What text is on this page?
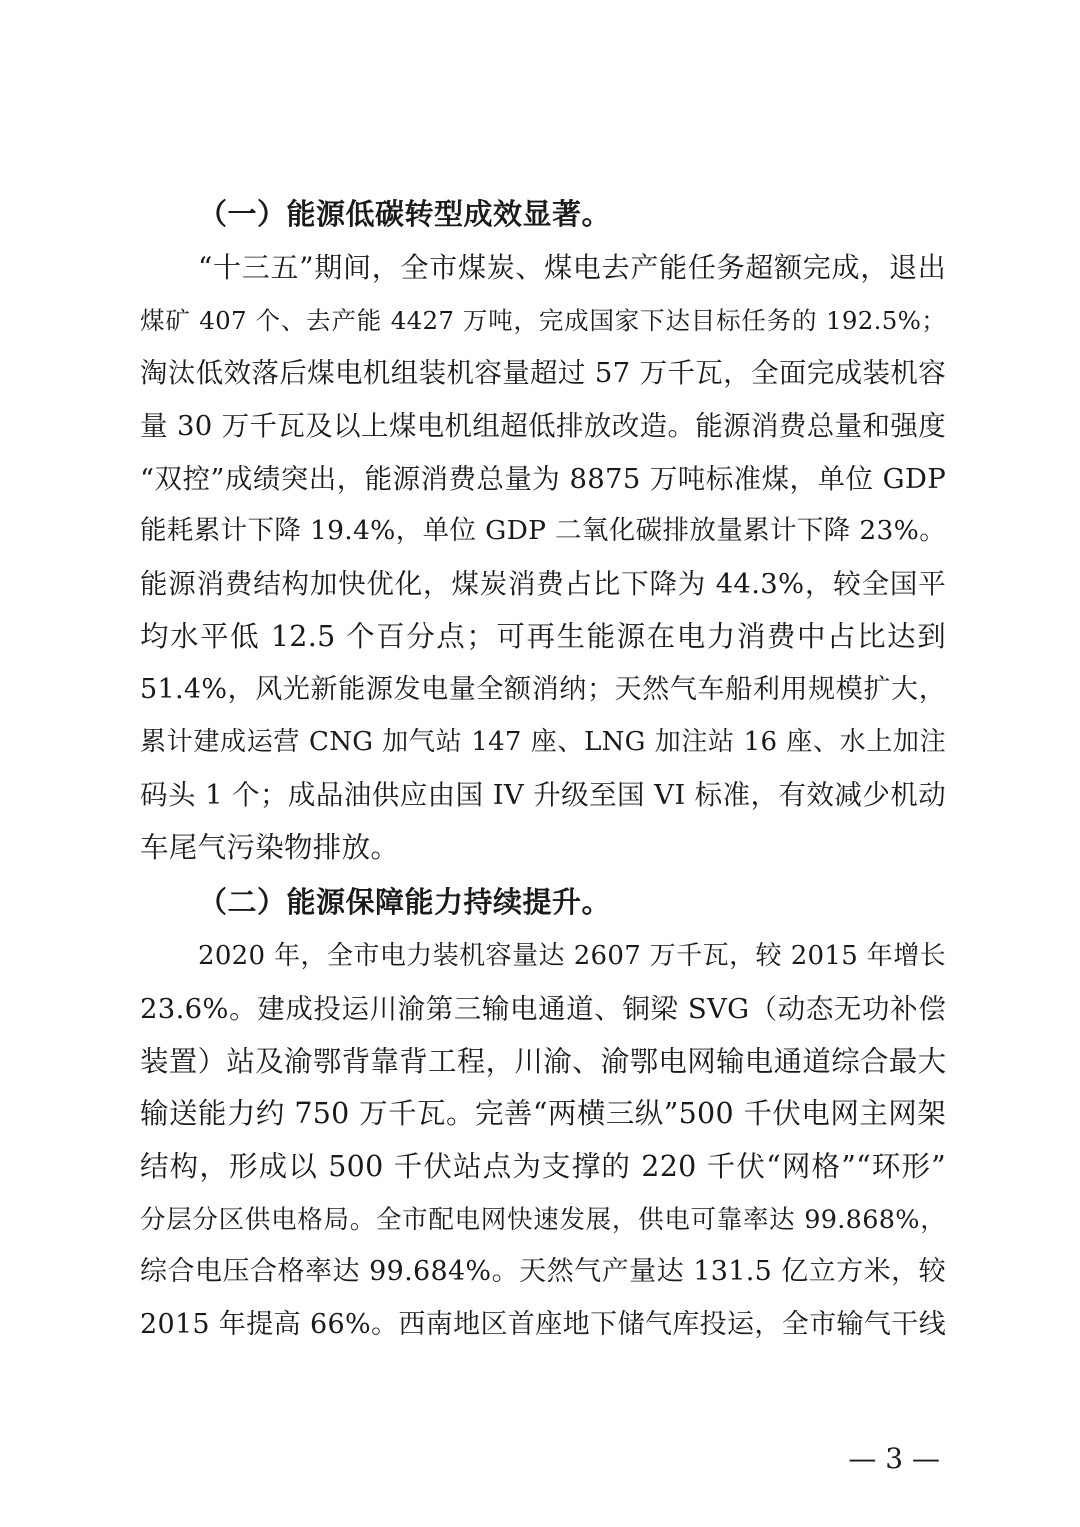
（一）能源低碳转型成效显著。
“十三五”期间，全市煤炭、煤电去产能任务超额完成，退出
煤矿 407 个、去产能 4427 万吨，完成国家下达目标任务的 192.5%；
淘汰低效落后煤电机组装机容量超过 57 万千瓦，全面完成装机容
量 30 万千瓦及以上煤电机组超低排放改造。能源消费总量和强度
“双控”成绩突出，能源消费总量为 8875 万吨标准煤，单位 GDP
能耗累计下降 19.4%，单位 GDP 二氧化碳排放量累计下降 23%。
能源消费结构加快优化，煤炭消费占比下降为 44.3%，较全国平
均水平低 12.5 个百分点；可再生能源在电力消费中占比达到
51.4%，风光新能源发电量全额消纳；天然气车船利用规模扩大，
累计建成运营 CNG 加气站 147 座、LNG 加注站 16 座、水上加注
码头 1 个；成品油供应由国 IV 升级至国 VI 标准，有效减少机动
车尾气污染物排放。
（二）能源保障能力持续提升。
2020 年，全市电力装机容量达 2607 万千瓦，较 2015 年增长
23.6%。建成投运川渝第三输电通道、铜梁 SVG（动态无功补偿
装置）站及渝鄂背靠背工程，川渝、渝鄂电网输电通道综合最大
输送能力约 750 万千瓦。完善“两横三纵”500 千伏电网主网架
结构，形成以 500 千伏站点为支撑的 220 千伏“网格”“环形”
分层分区供电格局。全市配电网快速发展，供电可靠率达 99.868%，
综合电压合格率达 99.684%。天然气产量达 131.5 亿立方米，较
2015 年提高 66%。西南地区首座地下储气库投运，全市输气干线
— 3 —
